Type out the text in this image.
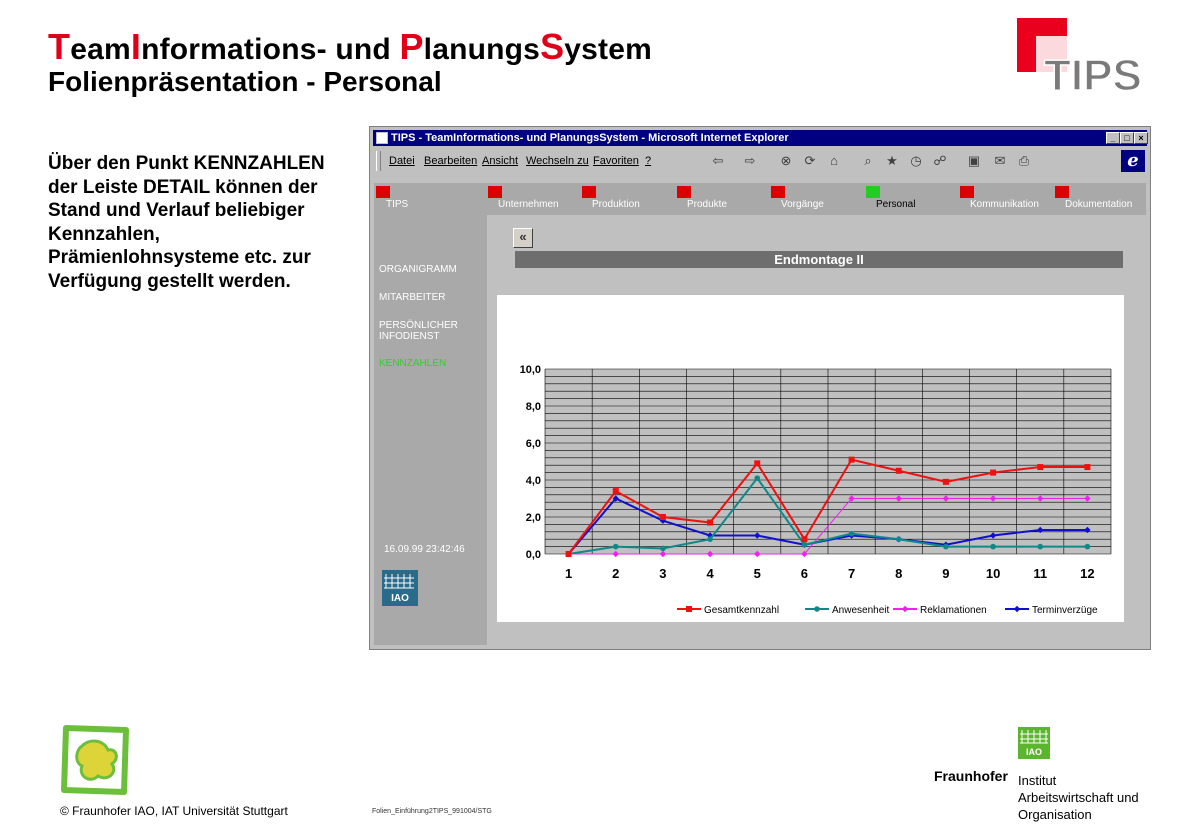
TeamInformations- und PlanungsSystem
Folienpräsentation - Personal
Über den Punkt KENNZAHLEN der Leiste DETAIL können der Stand und Verlauf beliebiger Kennzahlen, Prämienlohnsysteme etc. zur Verfügung gestellt werden.
TIPS
TIPS - TeamInformations- und PlanungsSystem - Microsoft Internet Explorer	_ □ ×
Datei Bearbeiten Ansicht Wechseln zu Favoriten ?	⇦ ⇨ ⊗ ⟳	⌂	⌕	★ ◷ ☍ ▣ ✉ ⎙	e
TIPS	Unternehmen	Produktion	Produkte	Vorgänge	Personal	Kommunikation	Dokumentation
ORGANIGRAMM
MITARBEITER
PERSÖNLICHER INFODIENST
KENNZAHLEN
16.09.99 23:42:46
IAO
«
Endmontage II
0,0
2,0
4,0
6,0
8,0
10,0
1	2	3	4	5	6	7	8	9	10	11	12
Gesamtkennzahl	Anwesenheit	Reklamationen	Terminverzüge
© Fraunhofer IAO, IAT Universität Stuttgart	Folien_Einführung2TIPS_991004/STG
IAO
Fraunhofer Institut
Arbeitswirtschaft und
Organisation
